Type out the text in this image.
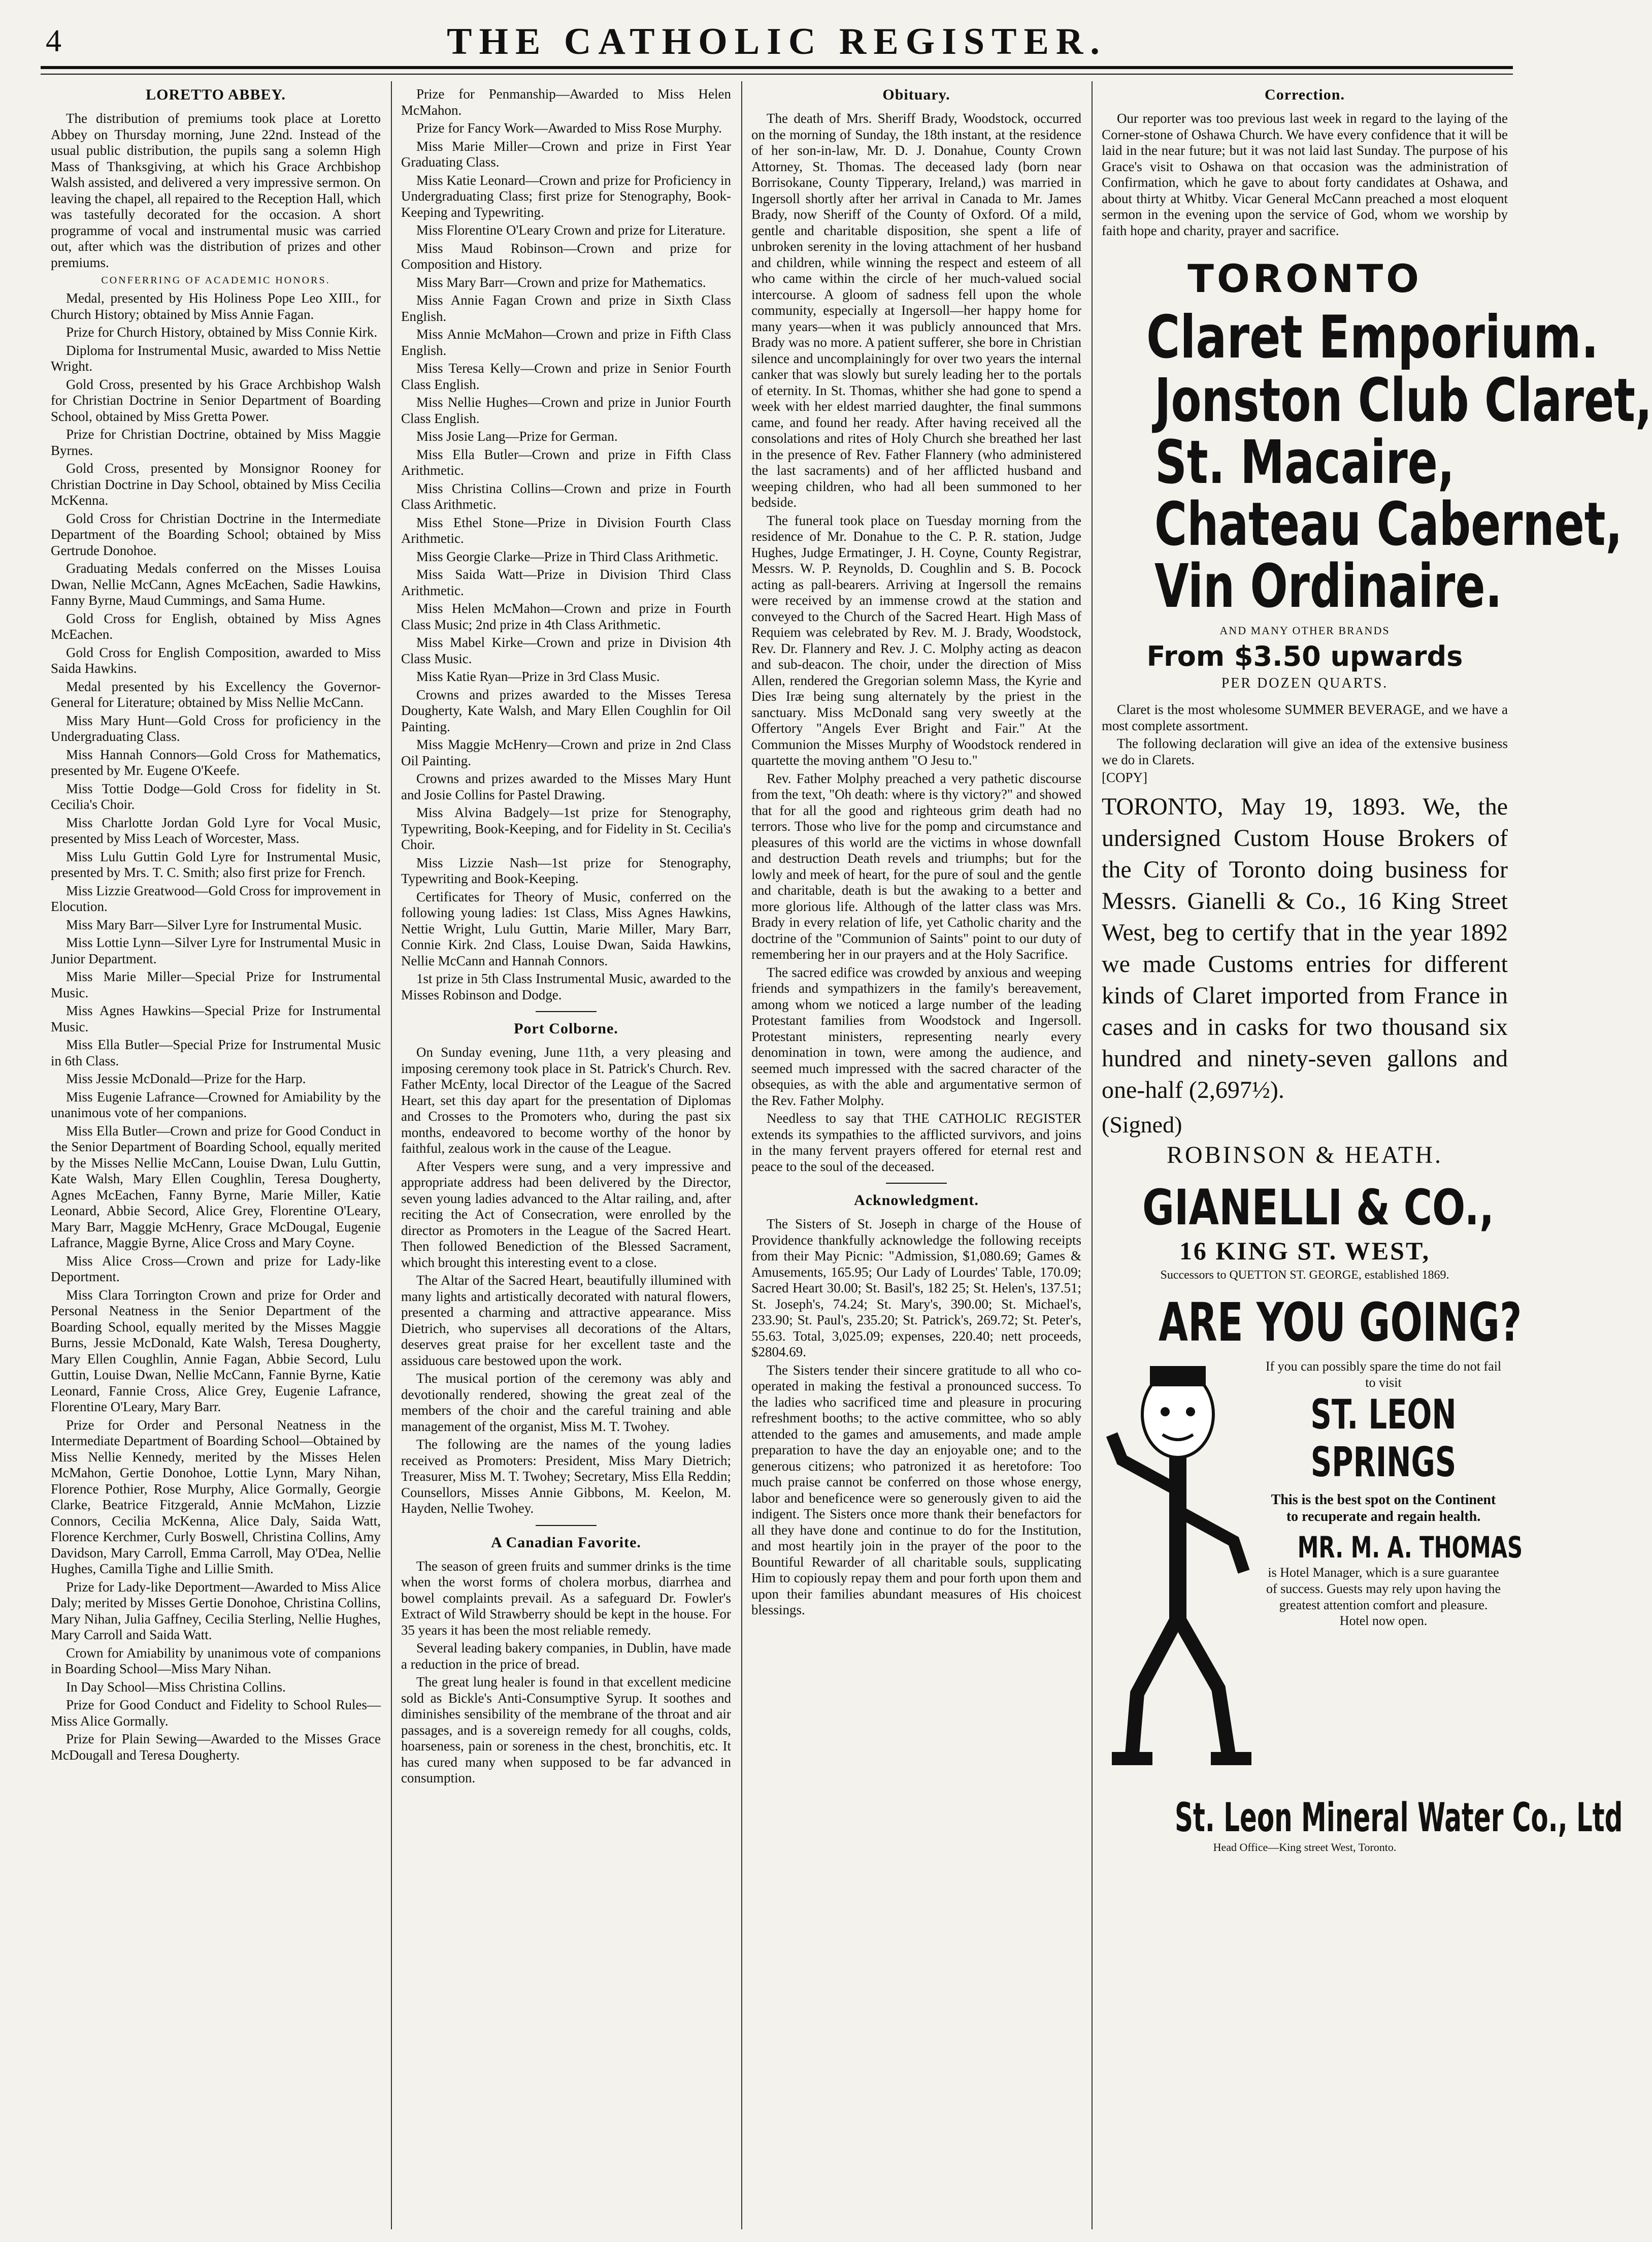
4	THE CATHOLIC REGISTER.
LORETTO ABBEY.

The distribution of premiums took place at Loretto Abbey on Thursday morning, June 22nd. Instead of the usual public distribution, the pupils sang a solemn High Mass of Thanksgiving, at which his Grace Archbishop Walsh assisted, and delivered a very impressive sermon. On leaving the chapel, all repaired to the Reception Hall, which was tastefully decorated for the occasion. A short programme of vocal and instrumental music was carried out, after which was the distribution of prizes and other premiums.

CONFERRING OF ACADEMIC HONORS.

Medal, presented by His Holiness Pope Leo XIII., for Church History; obtained by Miss Annie Fagan.

Prize for Church History, obtained by Miss Connie Kirk.

Diploma for Instrumental Music, awarded to Miss Nettie Wright.

Gold Cross, presented by his Grace Archbishop Walsh for Christian Doctrine in Senior Department of Boarding School, obtained by Miss Gretta Power.

Prize for Christian Doctrine, obtained by Miss Maggie Byrnes.

Gold Cross, presented by Monsignor Rooney for Christian Doctrine in Day School, obtained by Miss Cecilia McKenna.

Gold Cross for Christian Doctrine in the Intermediate Department of the Boarding School; obtained by Miss Gertrude Donohoe.

Graduating Medals conferred on the Misses Louisa Dwan, Nellie McCann, Agnes McEachen, Sadie Hawkins, Fanny Byrne, Maud Cummings, and Sama Hume.

Gold Cross for English, obtained by Miss Agnes McEachen.

Gold Cross for English Composition, awarded to Miss Saida Hawkins.

Medal presented by his Excellency the Governor-General for Literature; obtained by Miss Nellie McCann.

Miss Mary Hunt—Gold Cross for proficiency in the Undergraduating Class.

Miss Hannah Connors—Gold Cross for Mathematics, presented by Mr. Eugene O'Keefe.

Miss Tottie Dodge—Gold Cross for fidelity in St. Cecilia's Choir.

Miss Charlotte Jordan Gold Lyre for Vocal Music, presented by Miss Leach of Worcester, Mass.

Miss Lulu Guttin Gold Lyre for Instrumental Music, presented by Mrs. T. C. Smith; also first prize for French.

Miss Lizzie Greatwood—Gold Cross for improvement in Elocution.

Miss Mary Barr—Silver Lyre for Instrumental Music.

Miss Lottie Lynn—Silver Lyre for Instrumental Music in Junior Department.

Miss Marie Miller—Special Prize for Instrumental Music.

Miss Agnes Hawkins—Special Prize for Instrumental Music.

Miss Ella Butler—Special Prize for Instrumental Music in 6th Class.

Miss Jessie McDonald—Prize for the Harp.

Miss Eugenie Lafrance—Crowned for Amiability by the unanimous vote of her companions.

Miss Ella Butler—Crown and prize for Good Conduct in the Senior Department of Boarding School, equally merited by the Misses Nellie McCann, Louise Dwan, Lulu Guttin, Kate Walsh, Mary Ellen Coughlin, Teresa Dougherty, Agnes McEachen, Fanny Byrne, Marie Miller, Katie Leonard, Abbie Secord, Alice Grey, Florentine O'Leary, Mary Barr, Maggie McHenry, Grace McDougal, Eugenie Lafrance, Maggie Byrne, Alice Cross and Mary Coyne.

Miss Alice Cross—Crown and prize for Lady-like Deportment.

Miss Clara Torrington Crown and prize for Order and Personal Neatness in the Senior Department of the Boarding School, equally merited by the Misses Maggie Burns, Jessie McDonald, Kate Walsh, Teresa Dougherty, Mary Ellen Coughlin, Annie Fagan, Abbie Secord, Lulu Guttin, Louise Dwan, Nellie McCann, Fannie Byrne, Katie Leonard, Fannie Cross, Alice Grey, Eugenie Lafrance, Florentine O'Leary, Mary Barr.

Prize for Order and Personal Neatness in the Intermediate Department of Boarding School—Obtained by Miss Nellie Kennedy, merited by the Misses Helen McMahon, Gertie Donohoe, Lottie Lynn, Mary Nihan, Florence Pothier, Rose Murphy, Alice Gormally, Georgie Clarke, Beatrice Fitzgerald, Annie McMahon, Lizzie Connors, Cecilia McKenna, Alice Daly, Saida Watt, Florence Kerchmer, Curly Boswell, Christina Collins, Amy Davidson, Mary Carroll, Emma Carroll, May O'Dea, Nellie Hughes, Camilla Tighe and Lillie Smith.

Prize for Lady-like Deportment—Awarded to Miss Alice Daly; merited by Misses Gertie Donohoe, Christina Collins, Mary Nihan, Julia Gaffney, Cecilia Sterling, Nellie Hughes, Mary Carroll and Saida Watt.

Crown for Amiability by unanimous vote of companions in Boarding School—Miss Mary Nihan.

In Day School—Miss Christina Collins.

Prize for Good Conduct and Fidelity to School Rules—Miss Alice Gormally.

Prize for Plain Sewing—Awarded to the Misses Grace McDougall and Teresa Dougherty.

Prize for Penmanship—Awarded to Miss Helen McMahon.

Prize for Fancy Work—Awarded to Miss Rose Murphy.

Miss Marie Miller—Crown and prize in First Year Graduating Class.

Miss Katie Leonard—Crown and prize for Proficiency in Undergraduating Class; first prize for Stenography, Book-Keeping and Typewriting.

Miss Florentine O'Leary Crown and prize for Literature.

Miss Maud Robinson—Crown and prize for Composition and History.

Miss Mary Barr—Crown and prize for Mathematics.

Miss Annie Fagan Crown and prize in Sixth Class English.

Miss Annie McMahon—Crown and prize in Fifth Class English.

Miss Teresa Kelly—Crown and prize in Senior Fourth Class English.

Miss Nellie Hughes—Crown and prize in Junior Fourth Class English.

Miss Josie Lang—Prize for German.

Miss Ella Butler—Crown and prize in Fifth Class Arithmetic.

Miss Christina Collins—Crown and prize in Fourth Class Arithmetic.

Miss Ethel Stone—Prize in Division Fourth Class Arithmetic.

Miss Georgie Clarke—Prize in Third Class Arithmetic.

Miss Saida Watt—Prize in Division Third Class Arithmetic.

Miss Helen McMahon—Crown and prize in Fourth Class Music; 2nd prize in 4th Class Arithmetic.

Miss Mabel Kirke—Crown and prize in Division 4th Class Music.

Miss Katie Ryan—Prize in 3rd Class Music.

Crowns and prizes awarded to the Misses Teresa Dougherty, Kate Walsh, and Mary Ellen Coughlin for Oil Painting.

Miss Maggie McHenry—Crown and prize in 2nd Class Oil Painting.

Crowns and prizes awarded to the Misses Mary Hunt and Josie Collins for Pastel Drawing.

Miss Alvina Badgely—1st prize for Stenography, Typewriting, Book-Keeping, and for Fidelity in St. Cecilia's Choir.

Miss Lizzie Nash—1st prize for Stenography, Typewriting and Book-Keeping.

Certificates for Theory of Music, conferred on the following young ladies: 1st Class, Miss Agnes Hawkins, Nettie Wright, Lulu Guttin, Marie Miller, Mary Barr, Connie Kirk. 2nd Class, Louise Dwan, Saida Hawkins, Nellie McCann and Hannah Connors.

1st prize in 5th Class Instrumental Music, awarded to the Misses Robinson and Dodge.

Port Colborne.

On Sunday evening, June 11th, a very pleasing and imposing ceremony took place in St. Patrick's Church. Rev. Father McEnty, local Director of the League of the Sacred Heart, set this day apart for the presentation of Diplomas and Crosses to the Promoters who, during the past six months, endeavored to become worthy of the honor by faithful, zealous work in the cause of the League.

After Vespers were sung, and a very impressive and appropriate address had been delivered by the Director, seven young ladies advanced to the Altar railing, and, after reciting the Act of Consecration, were enrolled by the director as Promoters in the League of the Sacred Heart. Then followed Benediction of the Blessed Sacrament, which brought this interesting event to a close.

The Altar of the Sacred Heart, beautifully illumined with many lights and artistically decorated with natural flowers, presented a charming and attractive appearance. Miss Dietrich, who supervises all decorations of the Altars, deserves great praise for her excellent taste and the assiduous care bestowed upon the work.

The musical portion of the ceremony was ably and devotionally rendered, showing the great zeal of the members of the choir and the careful training and able management of the organist, Miss M. T. Twohey.

The following are the names of the young ladies received as Promoters: President, Miss Mary Dietrich; Treasurer, Miss M. T. Twohey; Secretary, Miss Ella Reddin; Counsellors, Misses Annie Gibbons, M. Keelon, M. Hayden, Nellie Twohey.

A Canadian Favorite.

The season of green fruits and summer drinks is the time when the worst forms of cholera morbus, diarrhea and bowel complaints prevail. As a safeguard Dr. Fowler's Extract of Wild Strawberry should be kept in the house. For 35 years it has been the most reliable remedy.

Several leading bakery companies, in Dublin, have made a reduction in the price of bread.

The great lung healer is found in that excellent medicine sold as Bickle's Anti-Consumptive Syrup. It soothes and diminishes sensibility of the membrane of the throat and air passages, and is a sovereign remedy for all coughs, colds, hoarseness, pain or soreness in the chest, bronchitis, etc. It has cured many when supposed to be far advanced in consumption.

Obituary.

The death of Mrs. Sheriff Brady, Woodstock, occurred on the morning of Sunday, the 18th instant, at the residence of her son-in-law, Mr. D. J. Donahue, County Crown Attorney, St. Thomas. The deceased lady (born near Borrisokane, County Tipperary, Ireland,) was married in Ingersoll shortly after her arrival in Canada to Mr. James Brady, now Sheriff of the County of Oxford. Of a mild, gentle and charitable disposition, she spent a life of unbroken serenity in the loving attachment of her husband and children, while winning the respect and esteem of all who came within the circle of her much-valued social intercourse. A gloom of sadness fell upon the whole community, especially at Ingersoll—her happy home for many years—when it was publicly announced that Mrs. Brady was no more. A patient sufferer, she bore in Christian silence and uncomplainingly for over two years the internal canker that was slowly but surely leading her to the portals of eternity. In St. Thomas, whither she had gone to spend a week with her eldest married daughter, the final summons came, and found her ready. After having received all the consolations and rites of Holy Church she breathed her last in the presence of Rev. Father Flannery (who administered the last sacraments) and of her afflicted husband and weeping children, who had all been summoned to her bedside.

The funeral took place on Tuesday morning from the residence of Mr. Donahue to the C. P. R. station, Judge Hughes, Judge Ermatinger, J. H. Coyne, County Registrar, Messrs. W. P. Reynolds, D. Coughlin and S. B. Pocock acting as pall-bearers. Arriving at Ingersoll the remains were received by an immense crowd at the station and conveyed to the Church of the Sacred Heart. High Mass of Requiem was celebrated by Rev. M. J. Brady, Woodstock, Rev. Dr. Flannery and Rev. J. C. Molphy acting as deacon and sub-deacon. The choir, under the direction of Miss Allen, rendered the Gregorian solemn Mass, the Kyrie and Dies Iræ being sung alternately by the priest in the sanctuary. Miss McDonald sang very sweetly at the Offertory "Angels Ever Bright and Fair." At the Communion the Misses Murphy of Woodstock rendered in quartette the moving anthem "O Jesu to."

Rev. Father Molphy preached a very pathetic discourse from the text, "Oh death: where is thy victory?" and showed that for all the good and righteous grim death had no terrors. Those who live for the pomp and circumstance and pleasures of this world are the victims in whose downfall and destruction Death revels and triumphs; but for the lowly and meek of heart, for the pure of soul and the gentle and charitable, death is but the awaking to a better and more glorious life. Although of the latter class was Mrs. Brady in every relation of life, yet Catholic charity and the doctrine of the "Communion of Saints" point to our duty of remembering her in our prayers and at the Holy Sacrifice.

The sacred edifice was crowded by anxious and weeping friends and sympathizers in the family's bereavement, among whom we noticed a large number of the leading Protestant families from Woodstock and Ingersoll. Protestant ministers, representing nearly every denomination in town, were among the audience, and seemed much impressed with the sacred character of the obsequies, as with the able and argumentative sermon of the Rev. Father Molphy.

Needless to say that THE CATHOLIC REGISTER extends its sympathies to the afflicted survivors, and joins in the many fervent prayers offered for eternal rest and peace to the soul of the deceased.

Acknowledgment.

The Sisters of St. Joseph in charge of the House of Providence thankfully acknowledge the following receipts from their May Picnic: "Admission, $1,080.69; Games & Amusements, 165.95; Our Lady of Lourdes' Table, 170.09; Sacred Heart 30.00; St. Basil's, 182 25; St. Helen's, 137.51; St. Joseph's, 74.24; St. Mary's, 390.00; St. Michael's, 233.90; St. Paul's, 235.20; St. Patrick's, 269.72; St. Peter's, 55.63. Total, 3,025.09; expenses, 220.40; nett proceeds, $2804.69.

The Sisters tender their sincere gratitude to all who co-operated in making the festival a pronounced success. To the ladies who sacrificed time and pleasure in procuring refreshment booths; to the active committee, who so ably attended to the games and amusements, and made ample preparation to have the day an enjoyable one; and to the generous citizens; who patronized it as heretofore: Too much praise cannot be conferred on those whose energy, labor and beneficence were so generously given to aid the indigent. The Sisters once more thank their benefactors for all they have done and continue to do for the Institution, and most heartily join in the prayer of the poor to the Bountiful Rewarder of all charitable souls, supplicating Him to copiously repay them and pour forth upon them and upon their families abundant measures of His choicest blessings.

Correction.

Our reporter was too previous last week in regard to the laying of the Corner-stone of Oshawa Church. We have every confidence that it will be laid in the near future; but it was not laid last Sunday. The purpose of his Grace's visit to Oshawa on that occasion was the administration of Confirmation, which he gave to about forty candidates at Oshawa, and about thirty at Whitby. Vicar General McCann preached a most eloquent sermon in the evening upon the service of God, whom we worship by faith hope and charity, prayer and sacrifice.

TORONTO
Claret Emporium.
Jonston Club Claret,
St. Macaire,
Chateau Cabernet,
Vin Ordinaire.
AND MANY OTHER BRANDS
From $3.50 upwards
PER DOZEN QUARTS.

Claret is the most wholesome SUMMER BEVERAGE, and we have a most complete assortment.

The following declaration will give an idea of the extensive business we do in Clarets.

[COPY]

TORONTO, May 19, 1893. We, the undersigned Custom House Brokers of the City of Toronto doing business for Messrs. Gianelli & Co., 16 King Street West, beg to certify that in the year 1892 we made Customs entries for different kinds of Claret imported from France in cases and in casks for two thousand six hundred and ninety-seven gallons and one-half (2,697½).
(Signed)
ROBINSON & HEATH.
GIANELLI & CO.,
16 KING ST. WEST,
Successors to QUETTON ST. GEORGE, established 1869.
ARE YOU GOING?
If you can possibly spare the time do not fail to visit
ST. LEON
SPRINGS
This is the best spot on the Continent to recuperate and regain health.
MR. M. A. THOMAS
is Hotel Manager, which is a sure guarantee of success. Guests may rely upon having the greatest attention comfort and pleasure.
Hotel now open.
St. Leon Mineral Water Co., Ltd
Head Office—King street West, Toronto.
